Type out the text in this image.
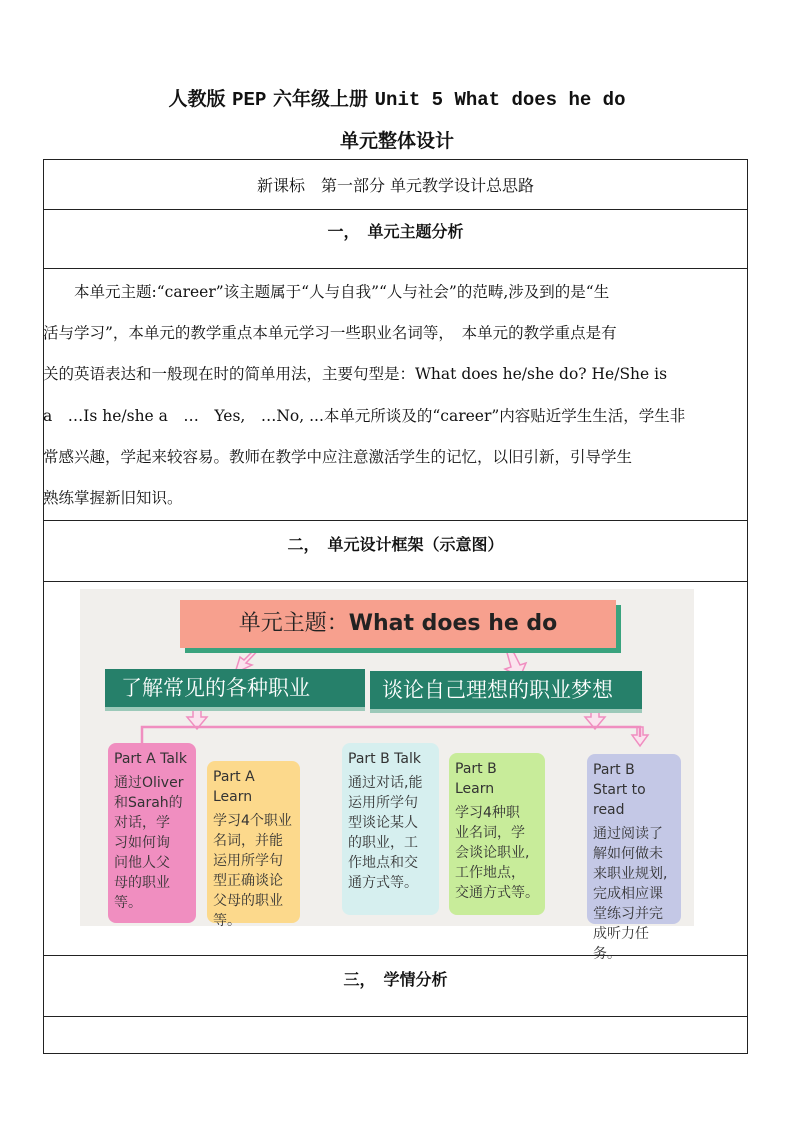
人教版 PEP 六年级上册 Unit 5 What does he do
单元整体设计
新课标　第一部分 单元教学设计总思路
一，　单元主题分析
　　本单元主题:“career”该主题属于“人与自我”“人与社会”的范畴,涉及到的是“生
活与学习”，本单元的教学重点本单元学习一些职业名词等，　本单元的教学重点是有
关的英语表达和一般现在时的简单用法，主要句型是：What does he/she do? He/She is
a　…Is he/she a　…　Yes,　…No, ...本单元所谈及的“career”内容贴近学生生活，学生非
常感兴趣，学起来较容易。教师在教学中应注意激活学生的记忆，以旧引新，引导学生
熟练掌握新旧知识。
二，　单元设计框架（示意图）
单元主题：What does he do
了解常见的各种职业	谈论自己理想的职业梦想
Part A Talk
通过Oliver
和Sarah的
对话，学
习如何询
问他人父
母的职业
等。
Part A Learn
学习4个职业
名词，并能
运用所学句
型正确谈论
父母的职业
等。
Part B Talk
通过对话,能
运用所学句
型谈论某人
的职业，工
作地点和交
通方式等。
Part B Learn
学习4种职
业名词，学
会谈论职业,
工作地点，
交通方式等。
Part B
Start to read
通过阅读了
解如何做未
来职业规划,
完成相应课
堂练习并完
成听力任务。
三，　学情分析
